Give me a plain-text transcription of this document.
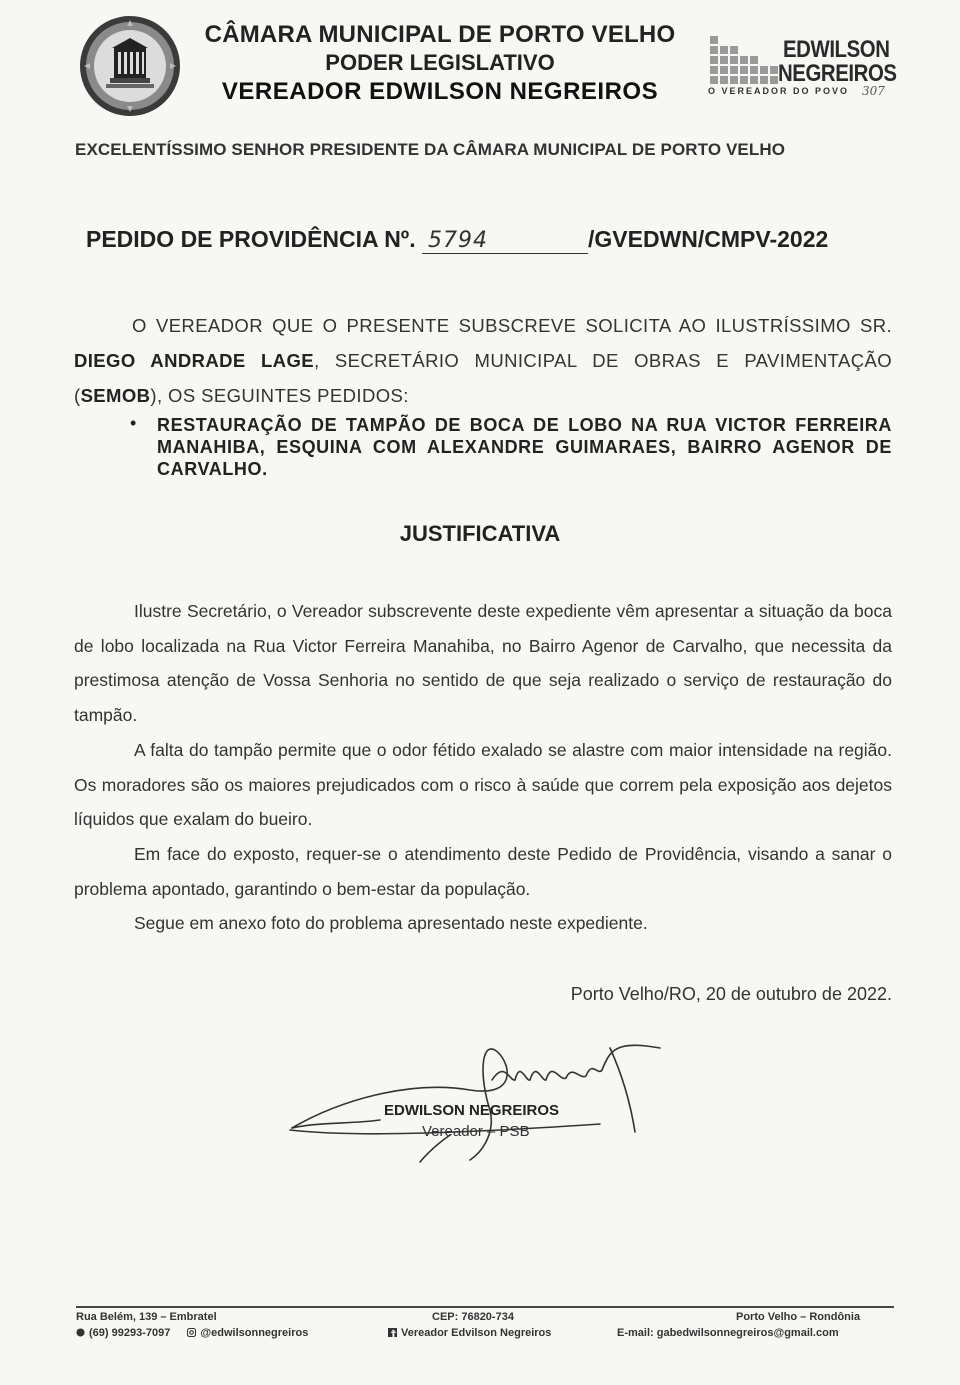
CÂMARA MUNICIPAL DE PORTO VELHO
PODER LEGISLATIVO
VEREADOR EDWILSON NEGREIROS
EDWILSON
NEGREIROS
O VEREADOR DO POVO 307
EXCELENTÍSSIMO SENHOR PRESIDENTE DA CÂMARA MUNICIPAL DE PORTO VELHO
PEDIDO DE PROVIDÊNCIA Nº. 5794	/GVEDWN/CMPV-2022
O VEREADOR QUE O PRESENTE SUBSCREVE SOLICITA AO ILUSTRÍSSIMO SR. DIEGO ANDRADE LAGE, SECRETÁRIO MUNICIPAL DE OBRAS E PAVIMENTAÇÃO (SEMOB), OS SEGUINTES PEDIDOS:
• RESTAURAÇÃO DE TAMPÃO DE BOCA DE LOBO NA RUA VICTOR FERREIRA MANAHIBA, ESQUINA COM ALEXANDRE GUIMARAES, BAIRRO AGENOR DE CARVALHO.
JUSTIFICATIVA

Ilustre Secretário, o Vereador subscrevente deste expediente vêm apresentar a situação da boca de lobo localizada na Rua Victor Ferreira Manahiba, no Bairro Agenor de Carvalho, que necessita da prestimosa atenção de Vossa Senhoria no sentido de que seja realizado o serviço de restauração do tampão.

A falta do tampão permite que o odor fétido exalado se alastre com maior intensidade na região. Os moradores são os maiores prejudicados com o risco à saúde que correm pela exposição aos dejetos líquidos que exalam do bueiro.

Em face do exposto, requer-se o atendimento deste Pedido de Providência, visando a sanar o problema apontado, garantindo o bem-estar da população.

Segue em anexo foto do problema apresentado neste expediente.

Porto Velho/RO, 20 de outubro de 2022.
EDWILSON NEGREIROS
Vereador – PSB
Rua Belém, 139 – Embratel
(69) 99293-7097	@edwilsonnegreiros
CEP: 76820-734
Vereador Edvilson Negreiros
Porto Velho – Rondônia
E-mail: gabedwilsonnegreiros@gmail.com
